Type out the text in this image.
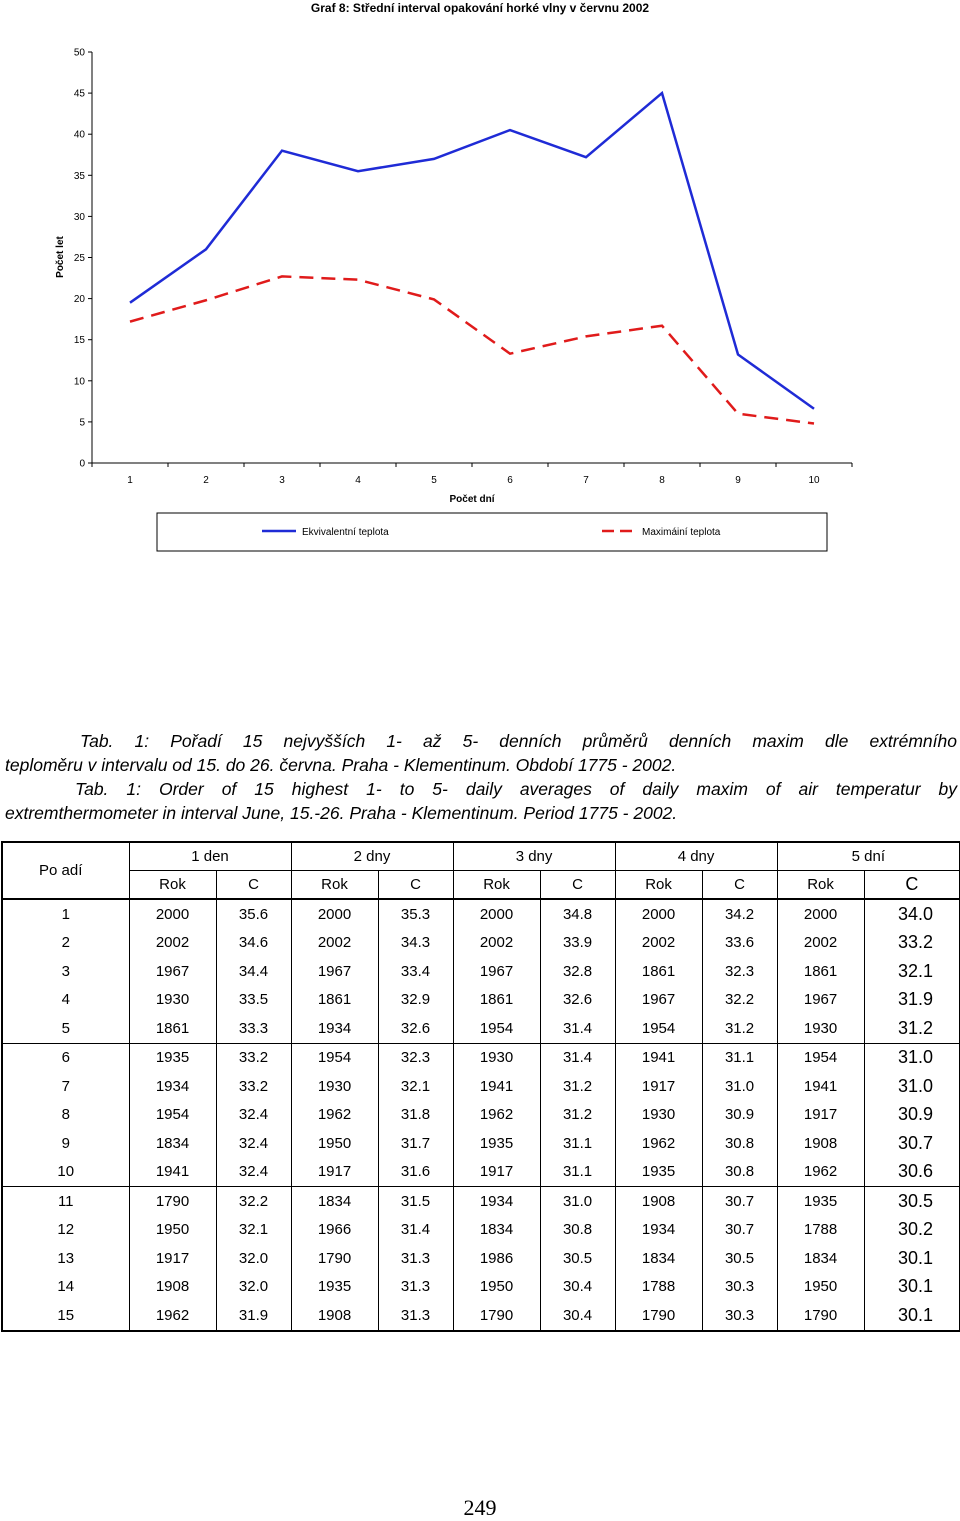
Graf 8: Střední interval opakování horké vlny v červnu 2002
0
5
10
15
20
25
30
35
40
45
50
1	2	3	4	5	6	7	8	9	10
Počet dní
Počet let
Ekvivalentní teplota	Maximáiní teplota
Tab. 1: Pořadí 15 nejvyšších 1- až 5- denních průměrů denních maxim dle extrémního
teploměru v intervalu od 15. do 26. června. Praha - Klementinum. Období 1775 - 2002.
Tab. 1: Order of 15 highest 1- to 5- daily averages of daily maxim of air temperatur by
extremthermometer in interval June, 15.-26. Praha - Klementinum. Period 1775 - 2002.
Po adí	1 den		2 dny		3 dny		4 dny		5 dní	
	Rok	C	Rok	C	Rok	C	Rok	C	Rok	C
1	2000	35.6	2000	35.3	2000	34.8	2000	34.2	2000	34.0
2	2002	34.6	2002	34.3	2002	33.9	2002	33.6	2002	33.2
3	1967	34.4	1967	33.4	1967	32.8	1861	32.3	1861	32.1
4	1930	33.5	1861	32.9	1861	32.6	1967	32.2	1967	31.9
5	1861	33.3	1934	32.6	1954	31.4	1954	31.2	1930	31.2
6	1935	33.2	1954	32.3	1930	31.4	1941	31.1	1954	31.0
7	1934	33.2	1930	32.1	1941	31.2	1917	31.0	1941	31.0
8	1954	32.4	1962	31.8	1962	31.2	1930	30.9	1917	30.9
9	1834	32.4	1950	31.7	1935	31.1	1962	30.8	1908	30.7
10	1941	32.4	1917	31.6	1917	31.1	1935	30.8	1962	30.6
11	1790	32.2	1834	31.5	1934	31.0	1908	30.7	1935	30.5
12	1950	32.1	1966	31.4	1834	30.8	1934	30.7	1788	30.2
13	1917	32.0	1790	31.3	1986	30.5	1834	30.5	1834	30.1
14	1908	32.0	1935	31.3	1950	30.4	1788	30.3	1950	30.1
15	1962	31.9	1908	31.3	1790	30.4	1790	30.3	1790	30.1
249
